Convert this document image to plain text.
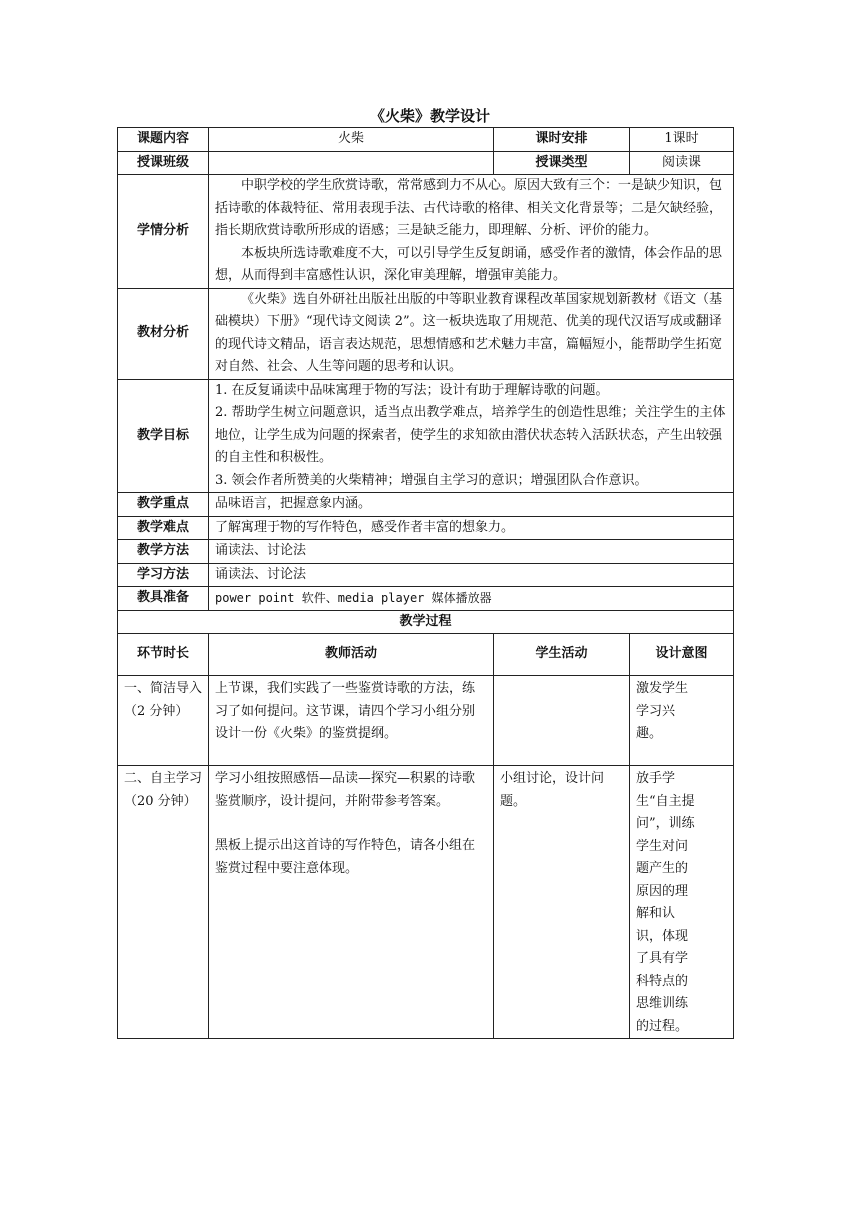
《火柴》教学设计
课题内容	火柴	课时安排	1课时
授课班级		授课类型	阅读课
学情分析	中职学校的学生欣赏诗歌，常常感到力不从心。原因大致有三个：一是缺少知识，包括诗歌的体裁特征、常用表现手法、古代诗歌的格律、相关文化背景等；二是欠缺经验，指长期欣赏诗歌所形成的语感；三是缺乏能力，即理解、分析、评价的能力。
本板块所选诗歌难度不大，可以引导学生反复朗诵，感受作者的激情，体会作品的思想，从而得到丰富感性认识，深化审美理解，增强审美能力。		

教材分析	《火柴》选自外研社出版社出版的中等职业教育课程改革国家规划新教材《语文（基础模块）下册》“现代诗文阅读 2”。这一板块选取了用规范、优美的现代汉语写成或翻译的现代诗文精品，语言表达规范，思想情感和艺术魅力丰富，篇幅短小，能帮助学生拓宽对自然、社会、人生等问题的思考和认识。		

教学目标	1. 在反复诵读中品味寓理于物的写法；设计有助于理解诗歌的问题。
2. 帮助学生树立问题意识，适当点出教学难点，培养学生的创造性思维；关注学生的主体地位，让学生成为问题的探索者，使学生的求知欲由潜伏状态转入活跃状态，产生出较强的自主性和积极性。
3. 领会作者所赞美的火柴精神；增强自主学习的意识；增强团队合作意识。		

教学重点	品味语言，把握意象内涵。		
教学难点	了解寓理于物的写作特色，感受作者丰富的想象力。		
教学方法	诵读法、讨论法		
学习方法	诵读法、讨论法		
教具准备	power point 软件、media player 媒体播放器		
教学过程			
环节时长	教师活动	学生活动	设计意图

一、简洁导入
（2 分钟）	上节课，我们实践了一些鉴赏诗歌的方法，练习了如何提问。这节课，请四个学习小组分别设计一份《火柴》的鉴赏提纲。		激发学生学习兴趣。

二、自主学习
（20 分钟）	学习小组按照感悟—品读—探究—积累的诗歌鉴赏顺序，设计提问，并附带参考答案。
黑板上提示出这首诗的写作特色，请各小组在鉴赏过程中要注意体现。	小组讨论，设计问题。	放手学生“自主提问”，训练学生对问题产生的原因的理解和认识，体现了具有学科特点的思维训练的过程。
